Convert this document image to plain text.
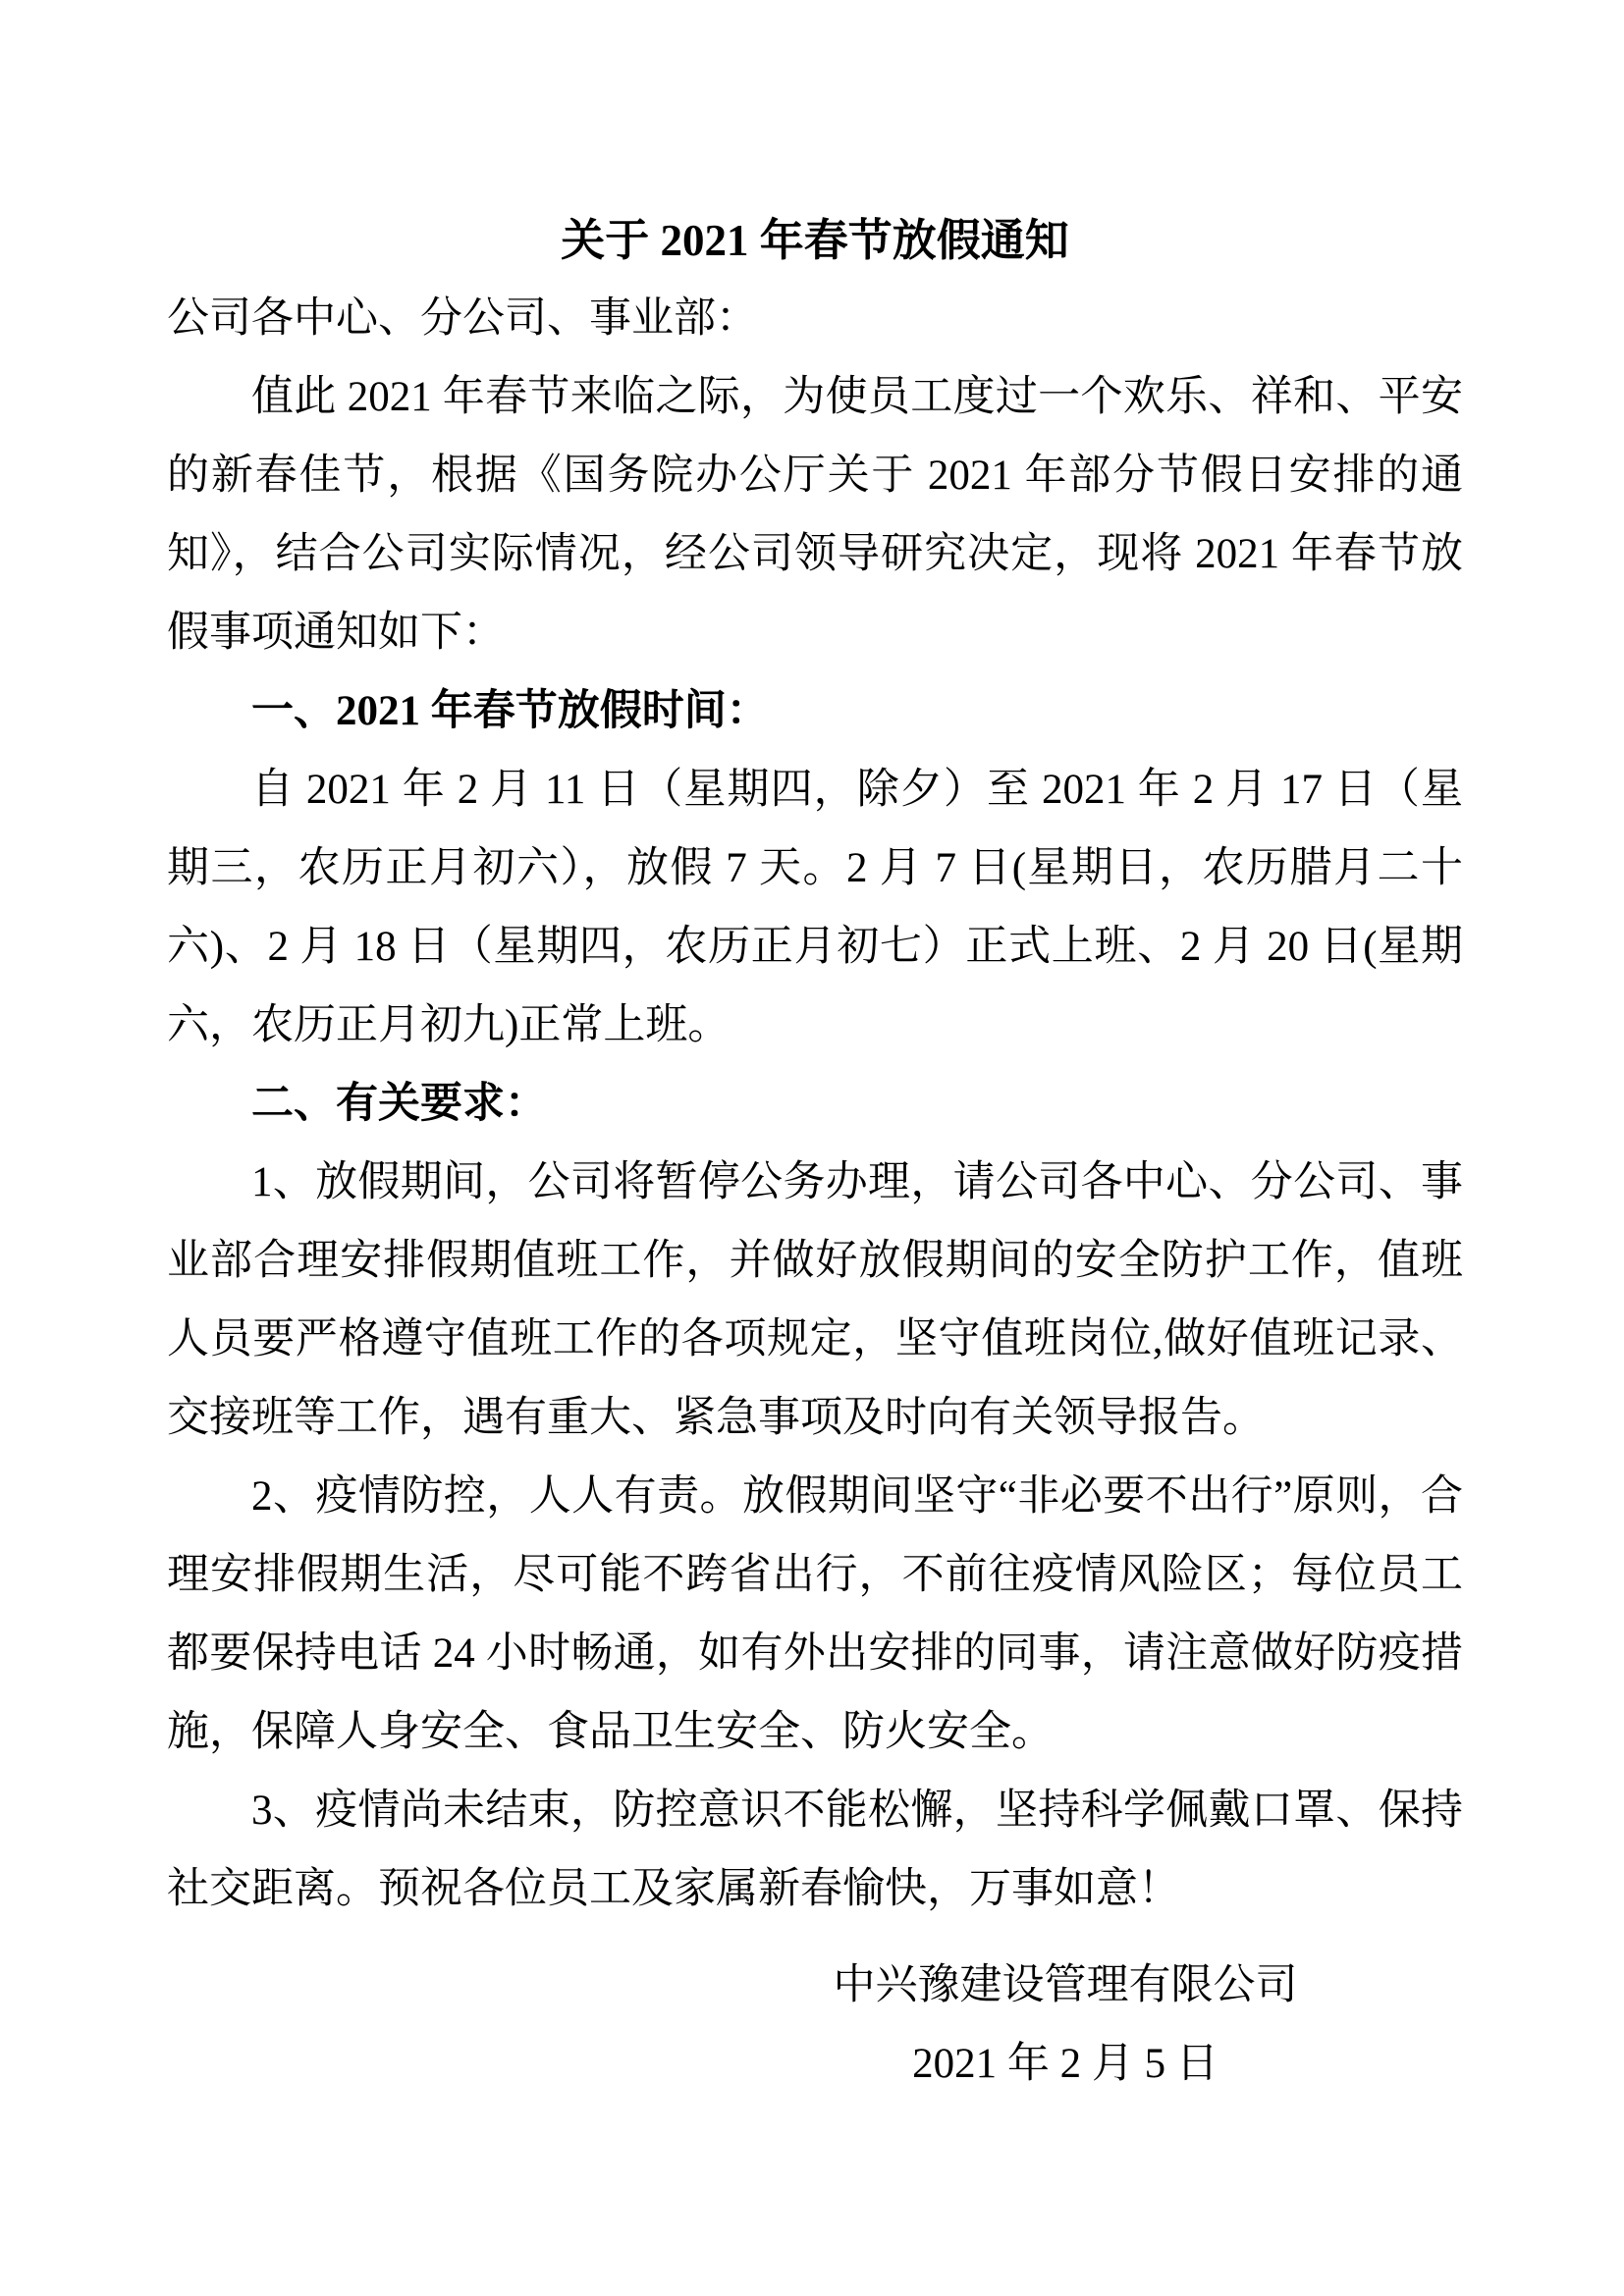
关于 2021 年春节放假通知

公司各中心、分公司、事业部：

值此 2021 年春节来临之际，为使员工度过一个欢乐、祥和、平安的新春佳节，根据《国务院办公厅关于 2021 年部分节假日安排的通知》，结合公司实际情况，经公司领导研究决定，现将 2021 年春节放假事项通知如下：

一、2021 年春节放假时间：

自 2021 年 2 月 11 日（星期四，除夕）至 2021 年 2 月 17 日（星期三，农历正月初六），放假 7 天。2 月 7 日(星期日，农历腊月二十六)、2 月 18 日（星期四，农历正月初七）正式上班、2 月 20 日(星期六，农历正月初九)正常上班。

二、有关要求：

1、放假期间，公司将暂停公务办理，请公司各中心、分公司、事业部合理安排假期值班工作，并做好放假期间的安全防护工作，值班人员要严格遵守值班工作的各项规定，坚守值班岗位,做好值班记录、交接班等工作，遇有重大、紧急事项及时向有关领导报告。

2、疫情防控，人人有责。放假期间坚守“非必要不出行”原则，合理安排假期生活，尽可能不跨省出行，不前往疫情风险区；每位员工都要保持电话 24 小时畅通，如有外出安排的同事，请注意做好防疫措施，保障人身安全、食品卫生安全、防火安全。

3、疫情尚未结束，防控意识不能松懈，坚持科学佩戴口罩、保持社交距离。预祝各位员工及家属新春愉快，万事如意！

中兴豫建设管理有限公司

2021 年 2 月 5 日
